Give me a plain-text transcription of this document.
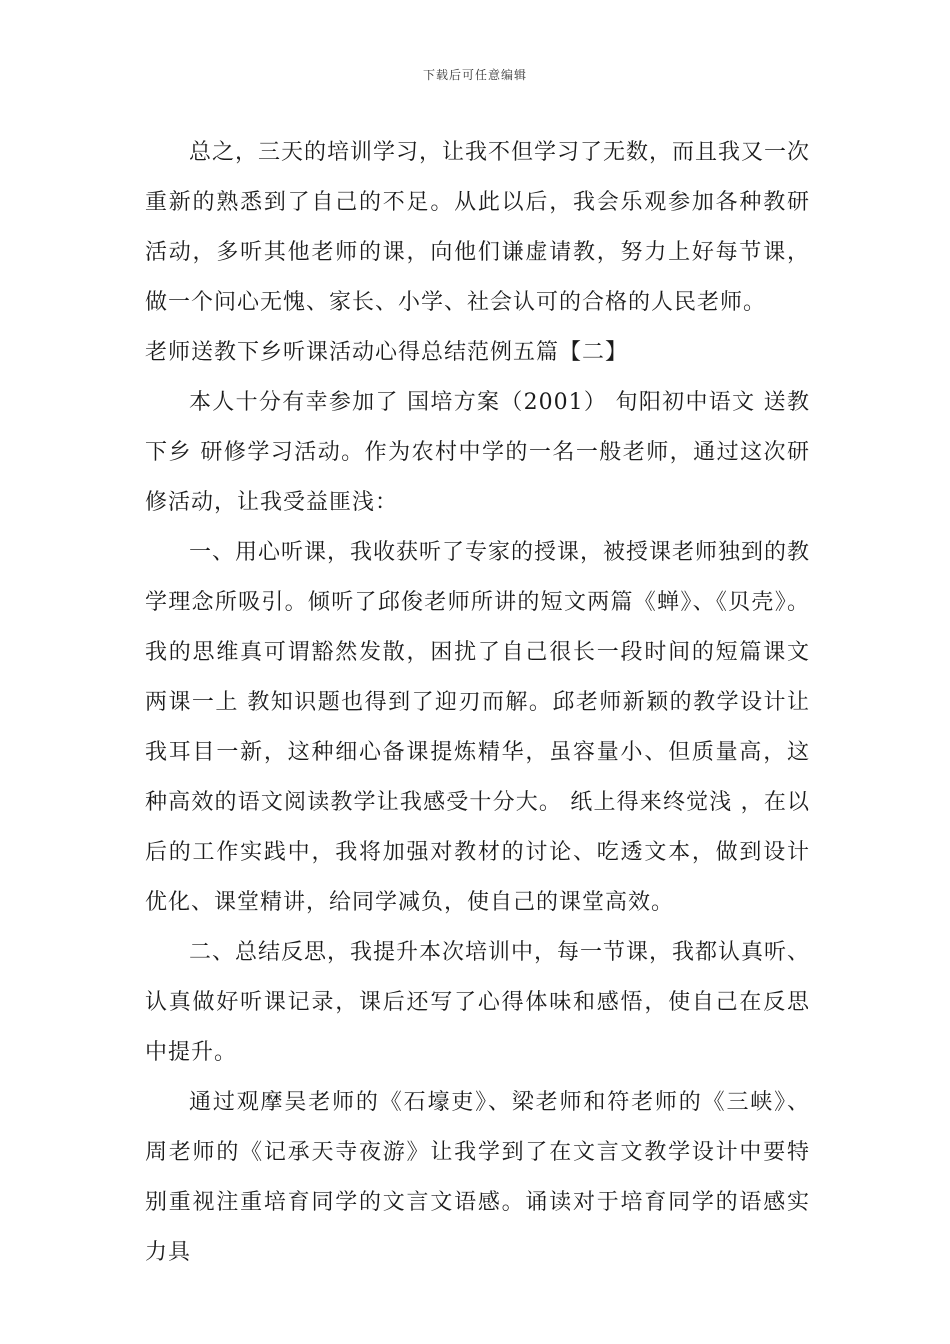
下载后可任意编辑

总之，三天的培训学习，让我不但学习了无数，而且我又一次重新的熟悉到了自己的不足。从此以后，我会乐观参加各种教研活动，多听其他老师的课，向他们谦虚请教，努力上好每节课，做一个问心无愧、家长、小学、社会认可的合格的人民老师。

老师送教下乡听课活动心得总结范例五篇【二】

本人十分有幸参加了 国培方案（2001） 旬阳初中语文 送教下乡 研修学习活动。作为农村中学的一名一般老师，通过这次研修活动，让我受益匪浅：

一、用心听课，我收获听了专家的授课，被授课老师独到的教学理念所吸引。倾听了邱俊老师所讲的短文两篇《蝉》、《贝壳》。我的思维真可谓豁然发散，困扰了自己很长一段时间的短篇课文 两课一上 教知识题也得到了迎刃而解。邱老师新颖的教学设计让我耳目一新，这种细心备课提炼精华，虽容量小、但质量高，这种高效的语文阅读教学让我感受十分大。 纸上得来终觉浅 ，在以后的工作实践中，我将加强对教材的讨论、吃透文本，做到设计优化、课堂精讲，给同学减负，使自己的课堂高效。

二、总结反思，我提升本次培训中，每一节课，我都认真听、认真做好听课记录，课后还写了心得体味和感悟，使自己在反思中提升。

通过观摩吴老师的《石壕吏》、梁老师和符老师的《三峡》、周老师的《记承天寺夜游》让我学到了在文言文教学设计中要特别重视注重培育同学的文言文语感。诵读对于培育同学的语感实力具
